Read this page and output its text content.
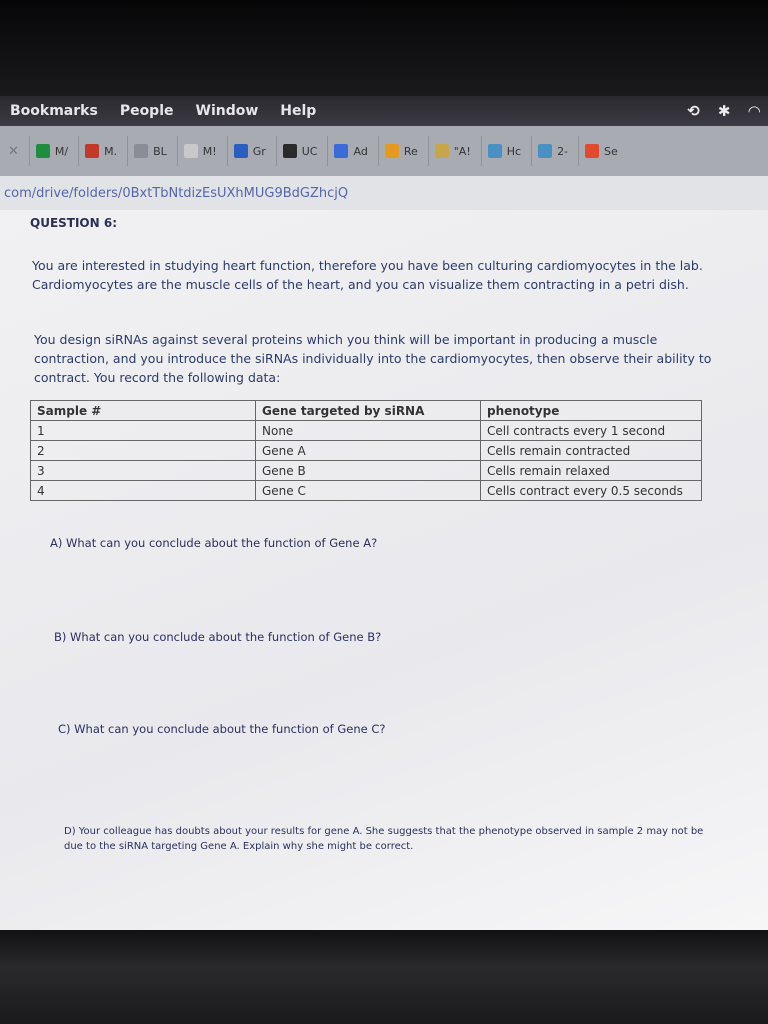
Bookmarks People Window Help	⟲ ✱ ◠
✕	M/	M.	BL	M!	Gr	UC	Ad	Re	"A!	Hc	2-	Se
com/drive/folders/0BxtTbNtdizEsUXhMUG9BdGZhcjQ
QUESTION 6:
You are interested in studying heart function, therefore you have been culturing cardiomyocytes in the lab. Cardiomyocytes are the muscle cells of the heart, and you can visualize them contracting in a petri dish.
You design siRNAs against several proteins which you think will be important in producing a muscle contraction, and you introduce the siRNAs individually into the cardiomyocytes, then observe their ability to contract. You record the following data:
Sample #	Gene targeted by siRNA	phenotype
1	None	Cell contracts every 1 second
2	Gene A	Cells remain contracted
3	Gene B	Cells remain relaxed
4	Gene C	Cells contract every 0.5 seconds
A) What can you conclude about the function of Gene A?
B) What can you conclude about the function of Gene B?
C) What can you conclude about the function of Gene C?
D) Your colleague has doubts about your results for gene A. She suggests that the phenotype observed in sample 2 may not be due to the siRNA targeting Gene A. Explain why she might be correct.
